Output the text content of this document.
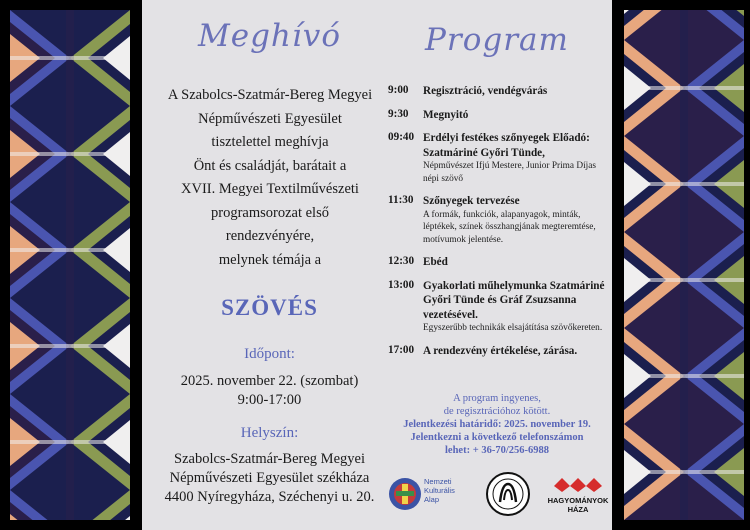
Meghívó
A Szabolcs-Szatmár-Bereg Megyei
Népművészeti Egyesület
tisztelettel meghívja
Önt és családját, barátait a
XVII. Megyei Textilművészeti
programsorozat első
rendezvényére,
melynek témája a
SZÖVÉS
Időpont:
2025. november 22. (szombat)
9:00-17:00
Helyszín:
Szabolcs-Szatmár-Bereg Megyei
Népművészeti Egyesület székháza
4400 Nyíregyháza, Széchenyi u. 20.
Program
9:00	Regisztráció, vendégvárás
9:30	Megnyitó
09:40 Erdélyi festékes szőnyegek Előadó: Szatmáriné Győri Tünde,
Népművészet Ifjú Mestere, Junior Prima Díjas népi szövő
11:30 Szőnyegek tervezése
A formák, funkciók, alapanyagok, minták, léptékek, színek összhangjának megteremtése, motívumok jelentése.
12:30 Ebéd
13:00 Gyakorlati műhelymunka Szatmáriné Győri Tünde és Gráf Zsuzsanna vezetésével.
Egyszerűbb technikák elsajátítása szövőkereten.
17:00 A rendezvény értékelése, zárása.
A program ingyenes,
de regisztrációhoz kötött.
Jelentkezési határidő: 2025. november 19.
Jelentkezni a következő telefonszámon
lehet: + 36-70/256-6988
Nemzeti
Kulturális
Alap	HAGYOMÁNYOK
HÁZA
